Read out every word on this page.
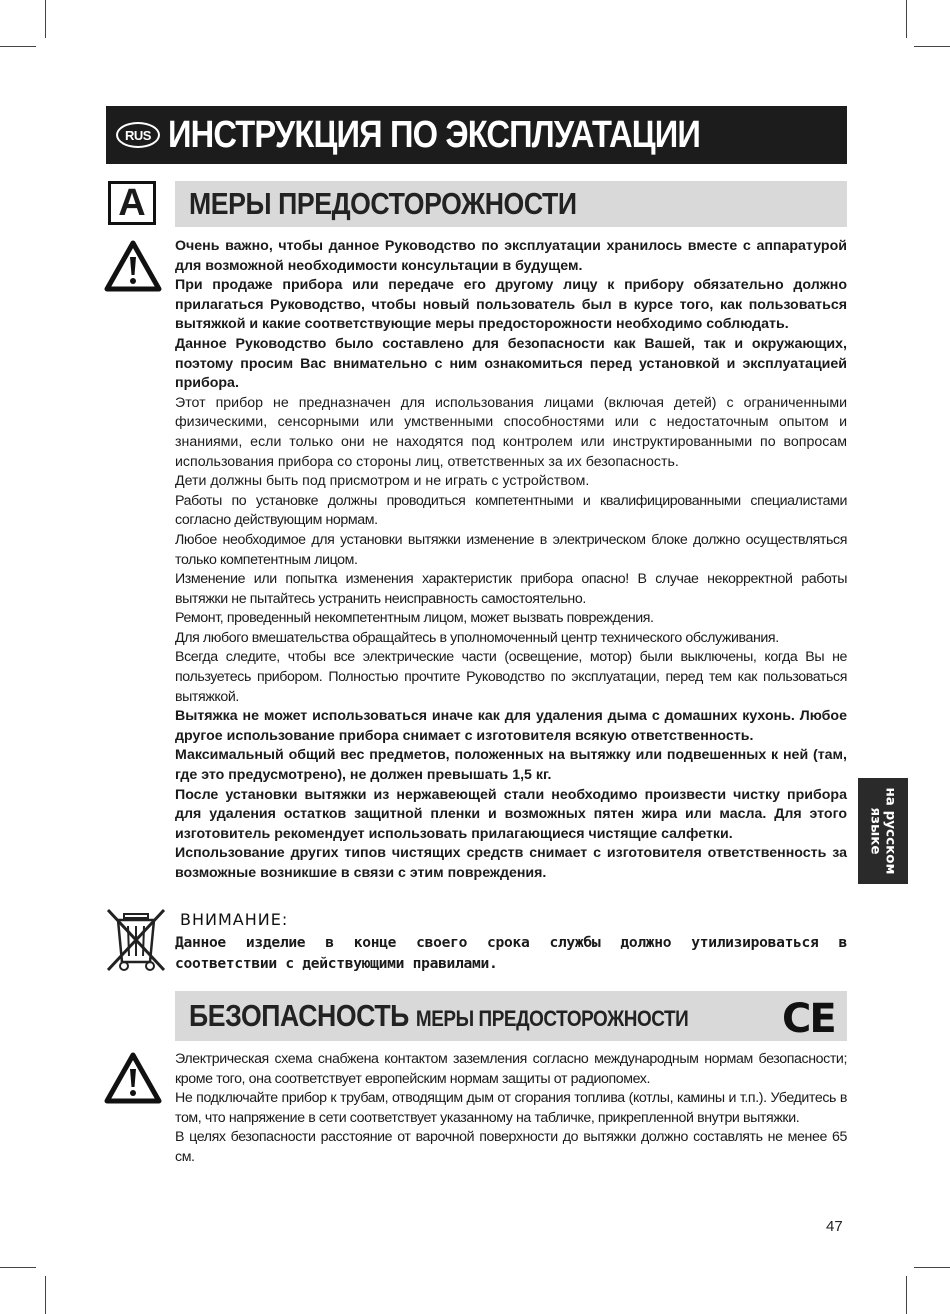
RUS ИНСТРУКЦИЯ ПО ЭКСПЛУАТАЦИИ
A	МЕРЫ ПРЕДОСТОРОЖНОСТИ

Очень важно, чтобы данное Руководство по эксплуатации хранилось вместе с аппаратурой для возможной необходимости консультации в будущем.

При продаже прибора или передаче его другому лицу к прибору обязательно должно прилагаться Руководство, чтобы новый пользователь был в курсе того, как пользоваться вытяжкой и какие соответствующие меры предосторожности необходимо соблюдать.

Данное Руководство было составлено для безопасности как Вашей, так и окружающих, поэтому просим Вас внимательно с ним ознакомиться перед установкой и эксплуатацией прибора.

Этот прибор не предназначен для использования лицами (включая детей) с ограниченными физическими, сенсорными или умственными способностями или с недостаточным опытом и знаниями, если только они не находятся под контролем или инструктированными по вопросам использования прибора со стороны лиц, ответственных за их безопасность.

Дети должны быть под присмотром и не играть с устройством.

Работы по установке должны проводиться компетентными и квалифицированными специалистами согласно действующим нормам.

Любое необходимое для установки вытяжки изменение в электрическом блоке должно осуществляться только компетентным лицом.

Изменение или попытка изменения характеристик прибора опасно! В случае некорректной работы вытяжки не пытайтесь устранить неисправность самостоятельно.

Ремонт, проведенный некомпетентным лицом, может вызвать повреждения.

Для любого вмешательства обращайтесь в уполномоченный центр технического обслуживания.

Всегда следите, чтобы все электрические части (освещение, мотор) были выключены, когда Вы не пользуетесь прибором. Полностью прочтите Руководство по эксплуатации, перед тем как пользоваться вытяжкой.

Вытяжка не может использоваться иначе как для удаления дыма с домашних кухонь. Любое другое использование прибора снимает с изготовителя всякую ответственность.

Максимальный общий вес предметов, положенных на вытяжку или подвешенных к ней (там, где это предусмотрено), не должен превышать 1,5 кг.

После установки вытяжки из нержавеющей стали необходимо произвести чистку прибора для удаления остатков защитной пленки и возможных пятен жира или масла. Для этого изготовитель рекомендует использовать прилагающиеся чистящие салфетки.

Использование других типов чистящих средств снимает с изготовителя ответственность за возможные возникшие в связи с этим повреждения.	на русском
языке
ВНИМАНИЕ:
Данное изделие в конце своего срока службы должно утилизироваться в соответствии с действующими правилами.
БЕЗОПАСНОСТЬ МЕРЫ ПРЕДОСТОРОЖНОСТИ CE

Электрическая схема снабжена контактом заземления согласно международным нормам безопасности; кроме того, она соответствует европейским нормам защиты от радиопомех.

Не подключайте прибор к трубам, отводящим дым от сгорания топлива (котлы, камины и т.п.). Убедитесь в том, что напряжение в сети соответствует указанному на табличке, прикрепленной внутри вытяжки.

В целях безопасности расстояние от варочной поверхности до вытяжки должно составлять не менее 65 см.

47
